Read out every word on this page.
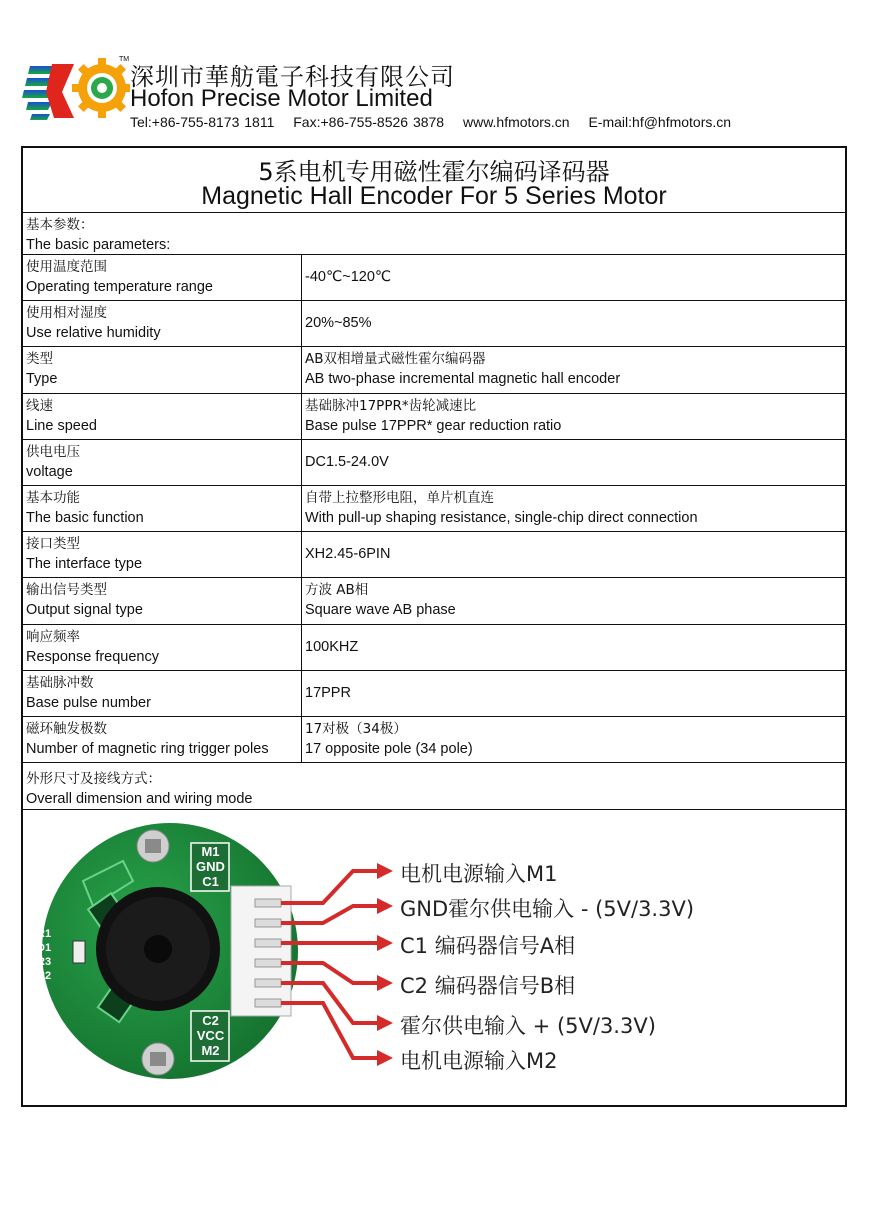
TM
深圳市華舫電子科技有限公司
Hofon Precise Motor Limited
Tel:+86-755-8173 1811 Fax:+86-755-8526 3878 www.hfmotors.cn E-mail:hf@hfmotors.cn
5系电机专用磁性霍尔编码译码器
Magnetic Hall Encoder For 5 Series Motor
基本参数：
The basic parameters:
使用温度范围
Operating temperature range
-40℃~120℃
使用相对湿度
Use relative humidity
20%~85%
类型
Type
AB双相增量式磁性霍尔编码器
AB two-phase incremental magnetic hall encoder
线速
Line speed
基础脉冲17PPR*齿轮减速比
Base pulse 17PPR* gear reduction ratio
供电电压
voltage
DC1.5-24.0V
基本功能
The basic function
自带上拉整形电阻，单片机直连
With pull-up shaping resistance, single-chip direct connection
接口类型
The interface type
XH2.45-6PIN
输出信号类型
Output signal type
方波 AB相
Square wave AB phase
响应频率
Response frequency
100KHZ
基础脉冲数
Base pulse number
17PPR
磁环触发极数
Number of magnetic ring trigger poles
17对极（34极）
17 opposite pole (34 pole)
外形尺寸及接线方式：
Overall dimension and wiring mode
M1
GND
C1
C2
VCC
M2
R1
D1
R3
R2
电机电源输入M1
GND霍尔供电输入 - (5V/3.3V)
C1 编码器信号A相
C2 编码器信号B相
霍尔供电输入 + (5V/3.3V)
电机电源输入M2
